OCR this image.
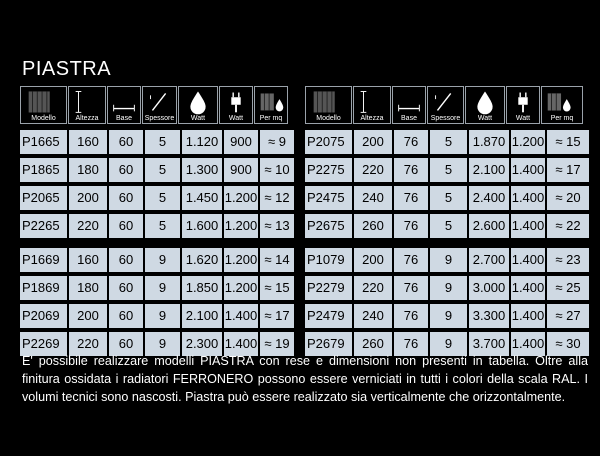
PIASTRA
Modello	Altezza	Base	Spessore	Watt	Watt	Per mq
P1665	160	60	5	1.120 900	≈ 9
P1865	180	60	5	1.300 900 ≈ 10
P2065	200	60	5	1.450 1.200 ≈ 12
P2265	220	60	5	1.600 1.200 ≈ 13
P1669	160	60	9	1.620 1.200 ≈ 14
P1869	180	60	9	1.850 1.200 ≈ 15
P2069	200	60	9	2.100 1.400 ≈ 17
P2269	220	60	9	2.300 1.400 ≈ 19
Modello	Altezza	Base	Spessore	Watt	Watt	Per mq
P2075	200	76	5	1.870 1.200 ≈ 15
P2275	220	76	5	2.100 1.400 ≈ 17
P2475	240	76	5	2.400 1.400 ≈ 20
P2675	260	76	5	2.600 1.400 ≈ 22
P1079	200	76	9	2.700 1.400 ≈ 23
P2279	220	76	9	3.000 1.400 ≈ 25
P2479	240	76	9	3.300 1.400 ≈ 27
P2679	260	76	9	3.700 1.400 ≈ 30
E' possibile realizzare modelli PIASTRA con rese e dimensioni non presenti in tabella. Oltre alla finitura ossidata i radiatori FERRONERO possono essere verniciati in tutti i colori della scala RAL. I volumi tecnici sono nascosti. Piastra può essere realizzato sia verticalmente che orizzontalmente.
